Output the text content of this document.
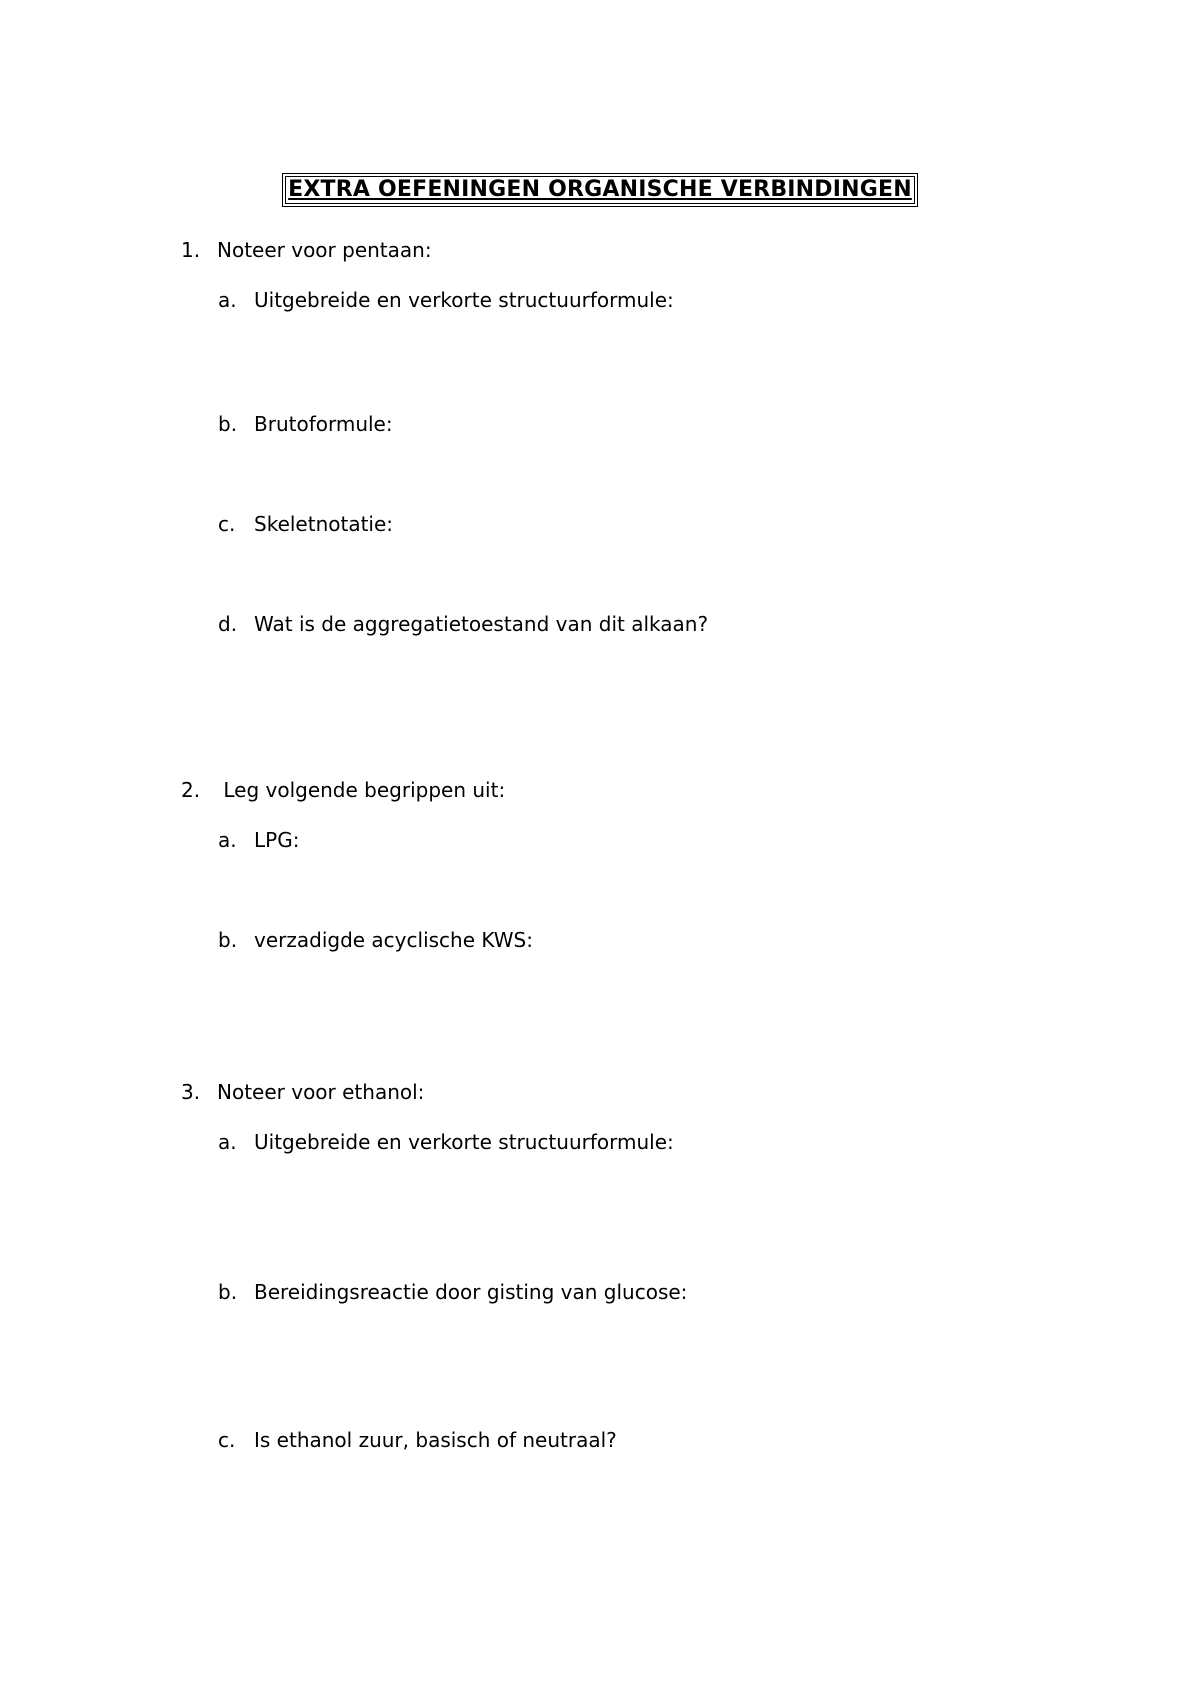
EXTRA OEFENINGEN ORGANISCHE VERBINDINGEN
1. Noteer voor pentaan:
a. Uitgebreide en verkorte structuurformule:
b. Brutoformule:
c. Skeletnotatie:
d. Wat is de aggregatietoestand van dit alkaan?
2. Leg volgende begrippen uit:
a. LPG:
b. verzadigde acyclische KWS:
3. Noteer voor ethanol:
a. Uitgebreide en verkorte structuurformule:
b. Bereidingsreactie door gisting van glucose:
c. Is ethanol zuur, basisch of neutraal?
